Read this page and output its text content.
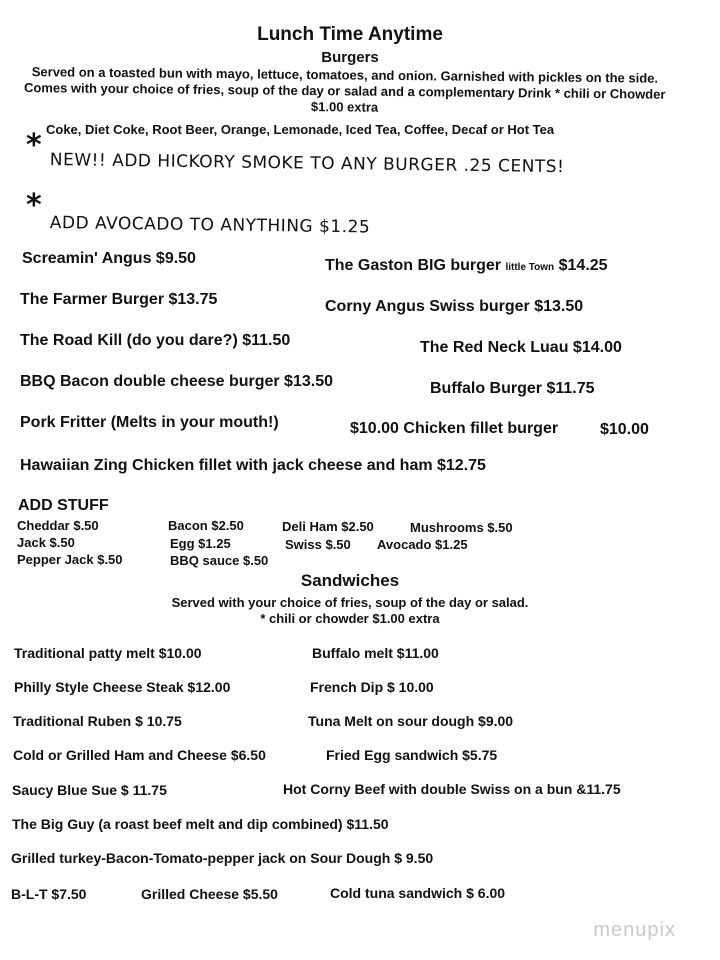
Lunch Time Anytime
Burgers
Served on a toasted bun with mayo, lettuce, tomatoes, and onion. Garnished with pickles on the side. Comes with your choice of fries, soup of the day or salad and a complementary Drink * chili or Chowder $1.00 extra
Coke, Diet Coke, Root Beer, Orange, Lemonade, Iced Tea, Coffee, Decaf or Hot Tea
*
NEW!! ADD HICKORY SMOKE TO ANY BURGER .25 CENTS!
*
ADD AVOCADO TO ANYTHING $1.25
Screamin' Angus $9.50	The Gaston BIG burger little Town $14.25
The Farmer Burger $13.75	Corny Angus Swiss burger $13.50
The Road Kill (do you dare?) $11.50	The Red Neck Luau $14.00
BBQ Bacon double cheese burger $13.50	Buffalo Burger $11.75
Pork Fritter (Melts in your mouth!)	$10.00 Chicken fillet burger	$10.00
Hawaiian Zing Chicken fillet with jack cheese and ham $12.75
ADD STUFF
Cheddar $.50	Bacon $2.50	Deli Ham $2.50	Mushrooms $.50
Jack $.50	Egg $1.25	Swiss $.50 Avocado $1.25
Pepper Jack $.50	BBQ sauce $.50
Sandwiches
Served with your choice of fries, soup of the day or salad.
* chili or chowder $1.00 extra
Traditional patty melt $10.00	Buffalo melt $11.00
Philly Style Cheese Steak $12.00	French Dip $ 10.00
Traditional Ruben $ 10.75	Tuna Melt on sour dough $9.00
Cold or Grilled Ham and Cheese $6.50	Fried Egg sandwich $5.75
Saucy Blue Sue $ 11.75	Hot Corny Beef with double Swiss on a bun &11.75
The Big Guy (a roast beef melt and dip combined) $11.50
Grilled turkey-Bacon-Tomato-pepper jack on Sour Dough $ 9.50
B-L-T $7.50	Grilled Cheese $5.50	Cold tuna sandwich $ 6.00
menupix
